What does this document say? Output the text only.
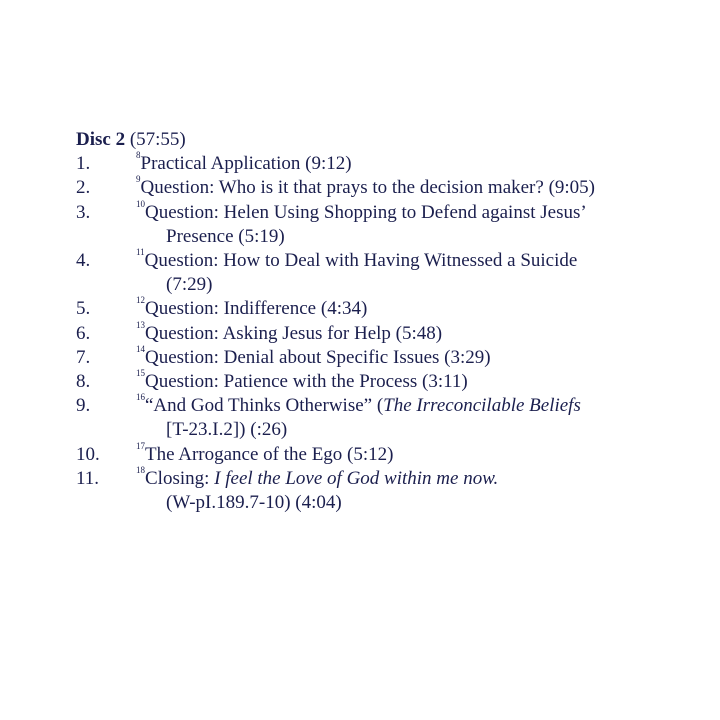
Disc 2 (57:55)
1.	$^8$Practical Application (9:12)
2.	$^9$Question: Who is it that prays to the decision maker? (9:05)
3.	$^{10}$Question: Helen Using Shopping to Defend against Jesus’
Presence (5:19)
4.	$^{11}$Question: How to Deal with Having Witnessed a Suicide
(7:29)
5.	$^{12}$Question: Indifference (4:34)
6.	$^{13}$Question: Asking Jesus for Help (5:48)
7.	$^{14}$Question: Denial about Specific Issues (3:29)
8.	$^{15}$Question: Patience with the Process (3:11)
9.	$^{16}$“And God Thinks Otherwise” (The Irreconcilable Beliefs
[T-23.I.2]) (:26)
10.	$^{17}$The Arrogance of the Ego (5:12)
11.	$^{18}$Closing: I feel the Love of God within me now.
(W-pI.189.7-10) (4:04)
